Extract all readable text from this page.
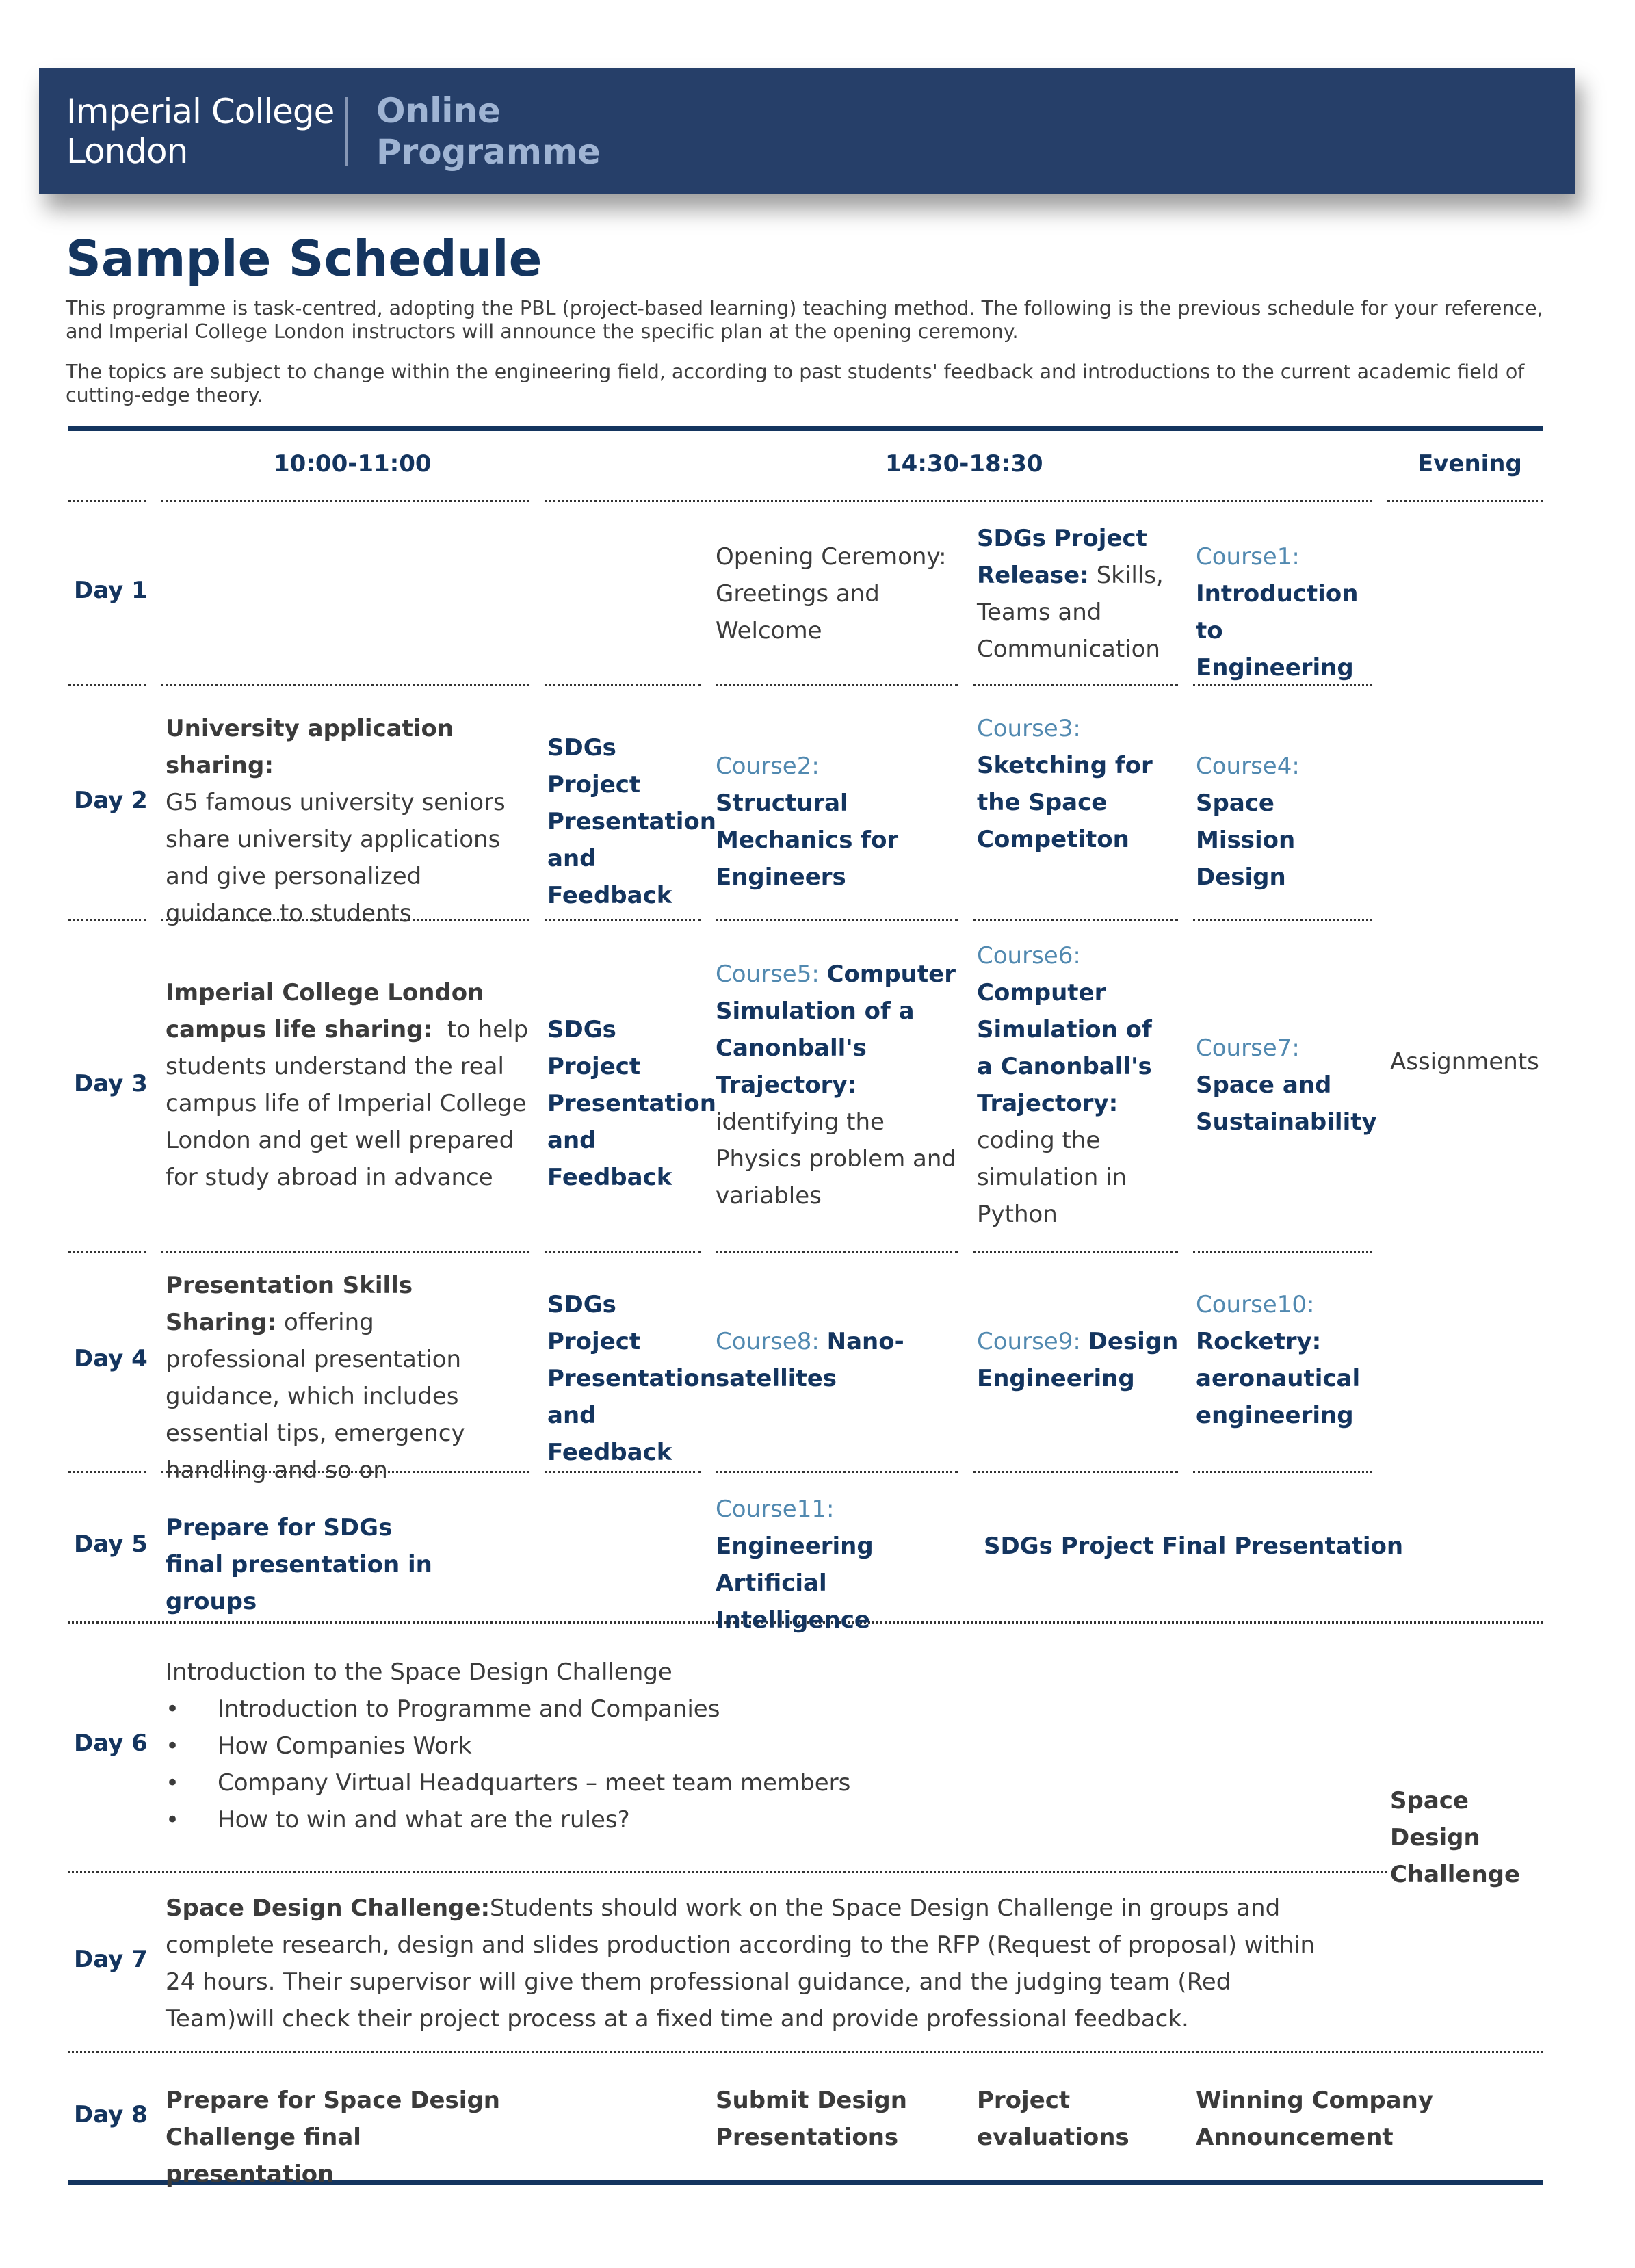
Imperial College
London
Online
Programme
Sample Schedule

This programme is task-centred, adopting the PBL (project-based learning) teaching method. The following is the previous schedule for your reference, and Imperial College London instructors will announce the specific plan at the opening ceremony.

The topics are subject to change within the engineering field, according to past students' feedback and introductions to the current academic field of cutting-edge theory.

10:00-11:00	14:30-18:30	Evening
Day 1
Day 2
Day 3
Day 4
Day 5
Day 6
Day 7
Day 8
Opening Ceremony: Greetings and Welcome
SDGs Project Release: Skills, Teams and Communication
Course1:
Introduction to Engineering
University application sharing:
G5 famous university seniors share university applications and give personalized guidance to students
SDGs Project Presentation and Feedback
Course2: Structural Mechanics for Engineers
Course3:
Sketching for the Space Competiton
Course4:
Space Mission Design
Imperial College London campus life sharing: to help students understand the real campus life of Imperial College London and get well prepared for study abroad in advance
SDGs Project Presentation and Feedback
Course5: Computer Simulation of a Canonball's Trajectory: identifying the Physics problem and variables
Course6:
Computer Simulation of a Canonball's Trajectory: coding the simulation in Python
Course7:
Space and Sustainability
Assignments
Presentation Skills Sharing: offering professional presentation guidance, which includes essential tips, emergency handling and so on
SDGs Project Presentation and Feedback
Course8: Nano-satellites
Course9: Design Engineering
Course10:
Rocketry: aeronautical engineering
Prepare for SDGs final presentation in groups
Course11:
Engineering Artificial Intelligence
SDGs Project Final Presentation
Introduction to the Space Design Challenge
• Introduction to Programme and Companies
• How Companies Work
• Company Virtual Headquarters – meet team members
• How to win and what are the rules?
Space Design Challenge
Space Design Challenge:Students should work on the Space Design Challenge in groups and complete research, design and slides production according to the RFP (Request of proposal) within 24 hours. Their supervisor will give them professional guidance, and the judging team (Red Team)will check their project process at a fixed time and provide professional feedback.
Prepare for Space Design Challenge final presentation
Submit Design Presentations
Project evaluations
Winning Company Announcement
